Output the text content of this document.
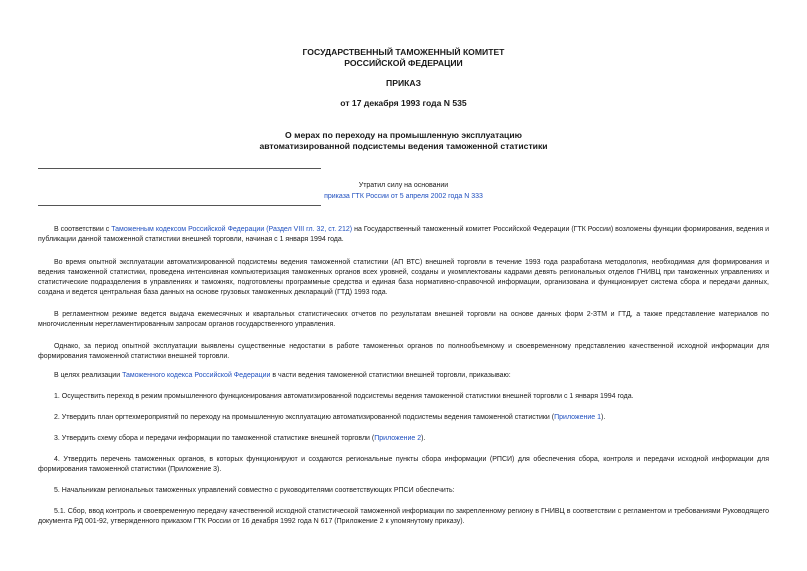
ГОСУДАРСТВЕННЫЙ ТАМОЖЕННЫЙ КОМИТЕТ
РОССИЙСКОЙ ФЕДЕРАЦИИ
ПРИКАЗ
от 17 декабря 1993 года N 535
О мерах по переходу на промышленную эксплуатацию
автоматизированной подсистемы ведения таможенной статистики
Утратил силу на основании
приказа ГТК России от 5 апреля 2002 года N 333

В соответствии с Таможенным кодексом Российской Федерации (Раздел VIII гл. 32, ст. 212) на Государственный таможенный комитет Российской Федерации (ГТК России) возложены функции формирования, ведения и публикации данной таможенной статистики внешней торговли, начиная с 1 января 1994 года.

Во время опытной эксплуатации автоматизированной подсистемы ведения таможенной статистики (АП ВТС) внешней торговли в течение 1993 года разработана методология, необходимая для формирования и ведения таможенной статистики, проведена интенсивная компьютеризация таможенных органов всех уровней, созданы и укомплектованы кадрами девять региональных отделов ГНИВЦ при таможенных управлениях и статистические подразделения в управлениях и таможнях, подготовлены программные средства и единая база нормативно-справочной информации, организована и функционирует система сбора и передачи данных, создана и ведется центральная база данных на основе грузовых таможенных деклараций (ГТД) 1993 года.

В регламентном режиме ведется выдача ежемесячных и квартальных статистических отчетов по результатам внешней торговли на основе данных форм 2-ЗТМ и ГТД, а также представление материалов по многочисленным нерегламентированным запросам органов государственного управления.

Однако, за период опытной эксплуатации выявлены существенные недостатки в работе таможенных органов по полнообъемному и своевременному представлению качественной исходной информации для формирования таможенной статистики внешней торговли.

В целях реализации Таможенного кодекса Российской Федерации в части ведения таможенной статистики внешней торговли, приказываю:

1. Осуществить переход в режим промышленного функционирования автоматизированной подсистемы ведения таможенной статистики внешней торговли с 1 января 1994 года.

2. Утвердить план оргтехмероприятий по переходу на промышленную эксплуатацию автоматизированной подсистемы ведения таможенной статистики (Приложение 1).

3. Утвердить схему сбора и передачи информации по таможенной статистике внешней торговли (Приложение 2).

4. Утвердить перечень таможенных органов, в которых функционируют и создаются региональные пункты сбора информации (РПСИ) для обеспечения сбора, контроля и передачи исходной информации для формирования таможенной статистики (Приложение 3).

5. Начальникам региональных таможенных управлений совместно с руководителями соответствующих РПСИ обеспечить:

5.1. Сбор, ввод контроль и своевременную передачу качественной исходной статистической таможенной информации по закрепленному региону в ГНИВЦ в соответствии с регламентом и требованиями Руководящего документа РД 001-92, утвержденного приказом ГТК России от 16 декабря 1992 года N 617 (Приложение 2 к упомянутому приказу).
